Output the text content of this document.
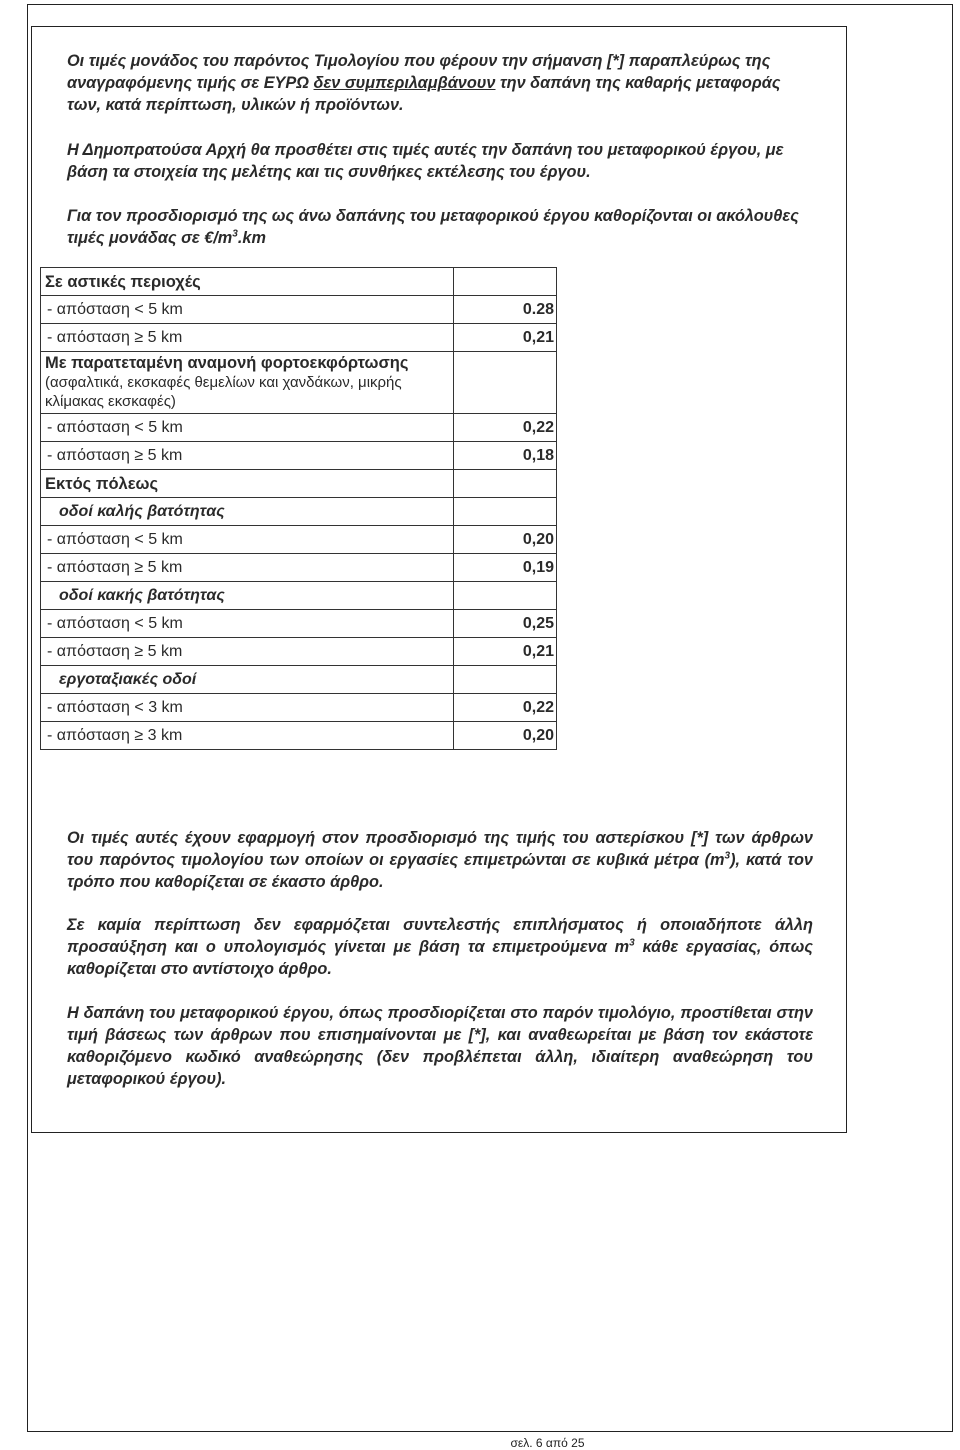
Οι τιμές μονάδος του παρόντος Τιμολογίου που φέρουν την σήμανση [*] παραπλεύρως της αναγραφόμενης τιμής σε ΕΥΡΩ δεν συμπεριλαμβάνουν την δαπάνη της καθαρής μεταφοράς των, κατά περίπτωση, υλικών ή προϊόντων.

Η Δημοπρατούσα Αρχή θα προσθέτει στις τιμές αυτές την δαπάνη του μεταφορικού έργου, με βάση τα στοιχεία της μελέτης και τις συνθήκες εκτέλεσης του έργου.

Για τον προσδιορισμό της ως άνω δαπάνης του μεταφορικού έργου καθορίζονται οι ακόλουθες τιμές μονάδας σε $€/m^3.km$

Σε αστικές περιοχές	
- απόσταση < 5 km	0.28
- απόσταση ≥ 5 km	0,21
Με παρατεταμένη αναμονή φορτοεκφόρτωσης
(ασφαλτικά, εκσκαφές θεμελίων και χανδάκων, μικρής κλίμακας εκσκαφές)	
- απόσταση < 5 km	0,22
- απόσταση ≥ 5 km	0,18
Εκτός πόλεως	
οδοί καλής βατότητας	
- απόσταση < 5 km	0,20
- απόσταση ≥ 5 km	0,19
οδοί κακής βατότητας	
- απόσταση < 5 km	0,25
- απόσταση ≥ 5 km	0,21
εργοταξιακές οδοί	
- απόσταση < 3 km	0,22
- απόσταση ≥ 3 km	0,20

Οι τιμές αυτές έχουν εφαρμογή στον προσδιορισμό της τιμής του αστερίσκου [*] των άρθρων του παρόντος τιμολογίου των οποίων οι εργασίες επιμετρώνται σε κυβικά μέτρα $(m^3)$, κατά τον τρόπο που καθορίζεται σε έκαστο άρθρο.

Σε καμία περίπτωση δεν εφαρμόζεται συντελεστής επιπλήσματος ή οποιαδήποτε άλλη προσαύξηση και ο υπολογισμός γίνεται με βάση τα επιμετρούμενα $m^3$ κάθε εργασίας, όπως καθορίζεται στο αντίστοιχο άρθρο.

Η δαπάνη του μεταφορικού έργου, όπως προσδιορίζεται στο παρόν τιμολόγιο, προστίθεται στην τιμή βάσεως των άρθρων που επισημαίνονται με [*], και αναθεωρείται με βάση τον εκάστοτε καθοριζόμενο κωδικό αναθεώρησης (δεν προβλέπεται άλλη, ιδιαίτερη αναθεώρηση του μεταφορικού έργου).

σελ. 6 από 25
